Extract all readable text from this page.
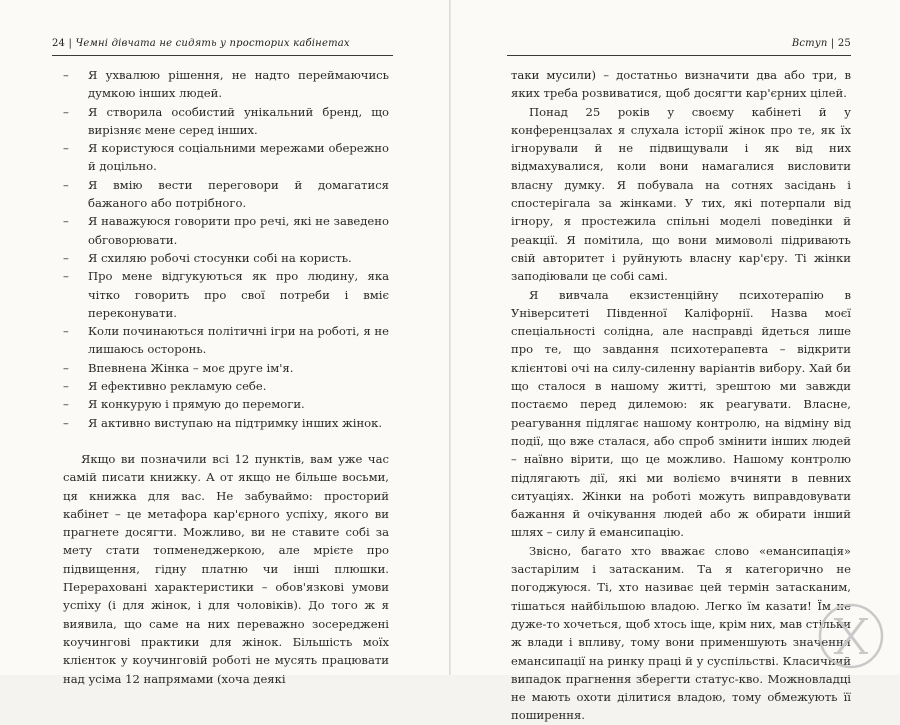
24 | Чемні дівчата не сидять у просторих кабінетах
–	Я ухвалюю рішення, не надто переймаючись думкою інших людей.
–	Я створила особистий унікальний бренд, що вирізняє мене серед інших.
–	Я користуюся соціальними мережами обережно й доцільно.
–	Я вмію вести переговори й домагатися бажаного або потрібного.
–	Я наважуюся говорити про речі, які не заведено обговорювати.
–	Я схиляю робочі стосунки собі на користь.
–	Про мене відгукуються як про людину, яка чітко говорить про свої потреби і вміє переконувати.
–	Коли починаються політичні ігри на роботі, я не лишаюсь осторонь.
–	Впевнена Жінка – моє друге ім'я.
–	Я ефективно рекламую себе.
–	Я конкурую і прямую до перемоги.
–	Я активно виступаю на підтримку інших жінок.

Якщо ви позначили всі 12 пунктів, вам уже час самій писати книжку. А от якщо не більше восьми, ця книжка для вас. Не забуваймо: просторий кабінет – це метафора кар'єрного успіху, якого ви прагнете досягти. Можливо, ви не ставите собі за мету стати топменеджеркою, але мрієте про підвищення, гідну платню чи інші плюшки. Перераховані характеристики – обов'язкові умови успіху (і для жінок, і для чоловіків). До того ж я виявила, що саме на них переважно зосереджені коучингові практики для жінок. Більшість моїх клієнток у коучинговій роботі не мусять працювати над усіма 12 напрямами (хоча деякі

Вступ | 25

таки мусили) – достатньо визначити два або три, в яких треба розвиватися, щоб досягти кар'єрних цілей.

Понад 25 років у своєму кабінеті й у конференцзалах я слухала історії жінок про те, як їх ігнорували й не підвищували і як від них відмахувалися, коли вони намагалися висловити власну думку. Я побувала на сотнях засідань і спостерігала за жінками. У тих, які потерпали від ігнору, я простежила спільні моделі поведінки й реакції. Я помітила, що вони мимоволі підривають свій авторитет і руйнують власну кар'єру. Ті жінки заподіювали це собі самі.

Я вивчала екзистенційну психотерапію в Університеті Південної Каліфорнії. Назва моєї спеціальності солідна, але насправді йдеться лише про те, що завдання психотерапевта – відкрити клієнтові очі на силу-силенну варіантів вибору. Хай би що сталося в нашому житті, зрештою ми завжди постаємо перед дилемою: як реагувати. Власне, реагування підлягає нашому контролю, на відміну від події, що вже сталася, або спроб змінити інших людей – наївно вірити, що це можливо. Нашому контролю підлягають дії, які ми воліємо вчиняти в певних ситуаціях. Жінки на роботі можуть виправдовувати бажання й очікування людей або ж обирати інший шлях – силу й емансипацію.

Звісно, багато хто вважає слово «емансипація» застарілим і затасканим. Та я категорично не погоджуюся. Ті, хто називає цей термін затасканим, тішаться найбільшою владою. Легко їм казати! Їм не дуже-то хочеться, щоб хтось іще, крім них, мав стільки ж влади і впливу, тому вони применшують значення емансипації на ринку праці й у суспільстві. Класичний випадок прагнення зберегти статус-кво. Можновладці не мають охоти ділитися владою, тому обмежують її поширення.
